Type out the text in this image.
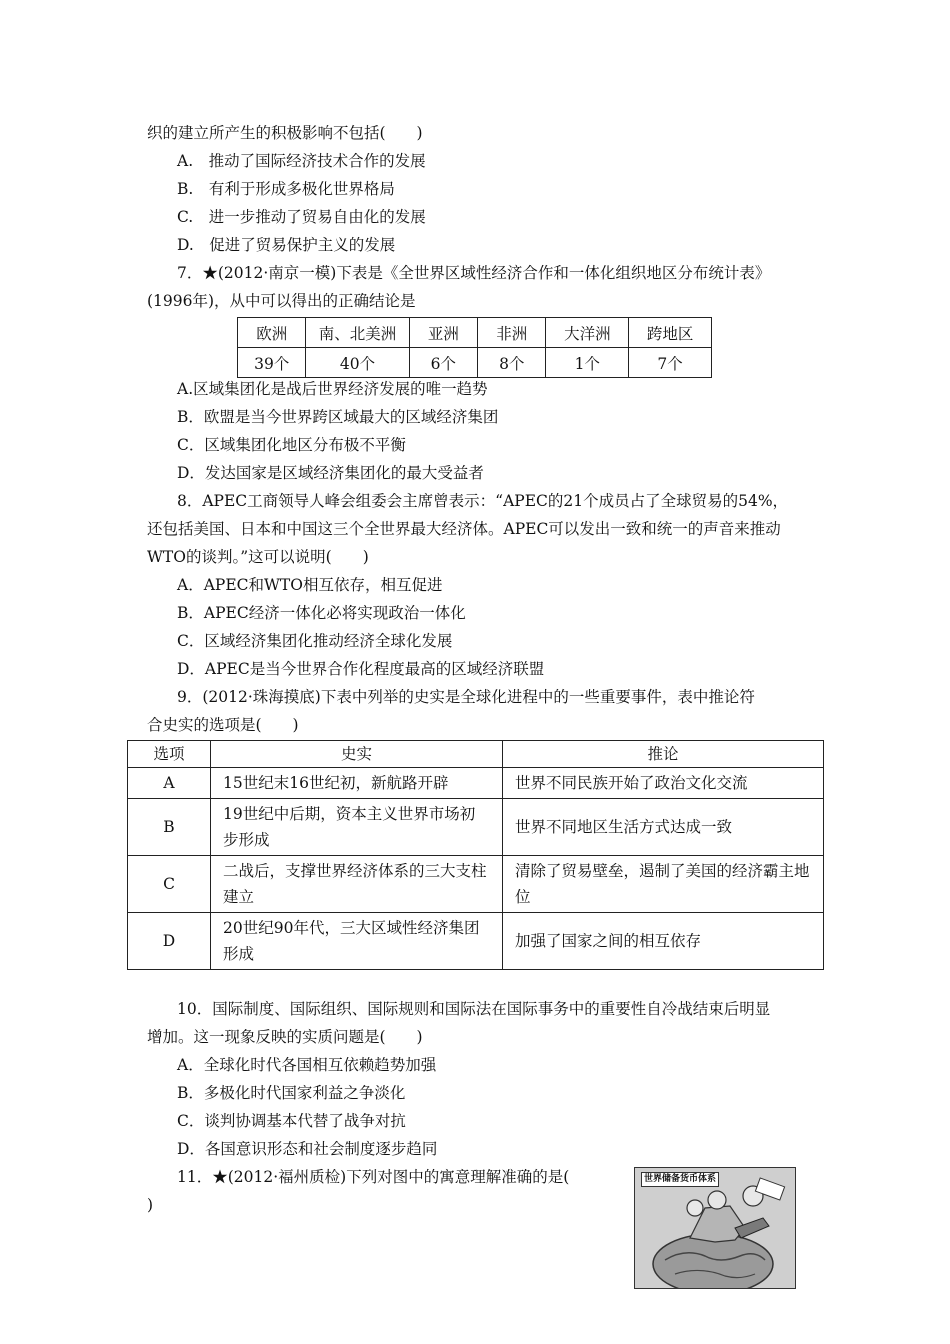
织的建立所产生的积极影响不包括(　　)
A.　推动了国际经济技术合作的发展
B.　有利于形成多极化世界格局
C.　进一步推动了贸易自由化的发展
D.　促进了贸易保护主义的发展
7．★(2012·南京一模)下表是《全世界区域性经济合作和一体化组织地区分布统计表》
(1996年)，从中可以得出的正确结论是
欧洲	南、北美洲	亚洲	非洲	大洋洲	跨地区
39个	40个	6个	8个	1个	7个
A.区域集团化是战后世界经济发展的唯一趋势
B．欧盟是当今世界跨区域最大的区域经济集团
C．区域集团化地区分布极不平衡
D．发达国家是区域经济集团化的最大受益者
8．APEC工商领导人峰会组委会主席曾表示：“APEC的21个成员占了全球贸易的54%，
还包括美国、日本和中国这三个全世界最大经济体。APEC可以发出一致和统一的声音来推动
WTO的谈判。”这可以说明(　　)
A．APEC和WTO相互依存，相互促进
B．APEC经济一体化必将实现政治一体化
C．区域经济集团化推动经济全球化发展
D．APEC是当今世界合作化程度最高的区域经济联盟
9．(2012·珠海摸底)下表中列举的史实是全球化进程中的一些重要事件，表中推论符
合史实的选项是(　　)
选项	史实	推论
A	15世纪末16世纪初，新航路开辟	世界不同民族开始了政治文化交流
B	19世纪中后期，资本主义世界市场初步形成	世界不同地区生活方式达成一致
C	二战后，支撑世界经济体系的三大支柱建立	清除了贸易壁垒，遏制了美国的经济霸主地位
D	20世纪90年代，三大区域性经济集团形成	加强了国家之间的相互依存
10．国际制度、国际组织、国际规则和国际法在国际事务中的重要性自冷战结束后明显
增加。这一现象反映的实质问题是(　　)
A．全球化时代各国相互依赖趋势加强
B．多极化时代国家利益之争淡化
C．谈判协调基本代替了战争对抗
D．各国意识形态和社会制度逐步趋同
11．★(2012·福州质检)下列对图中的寓意理解准确的是(
)
世界储备货币体系
